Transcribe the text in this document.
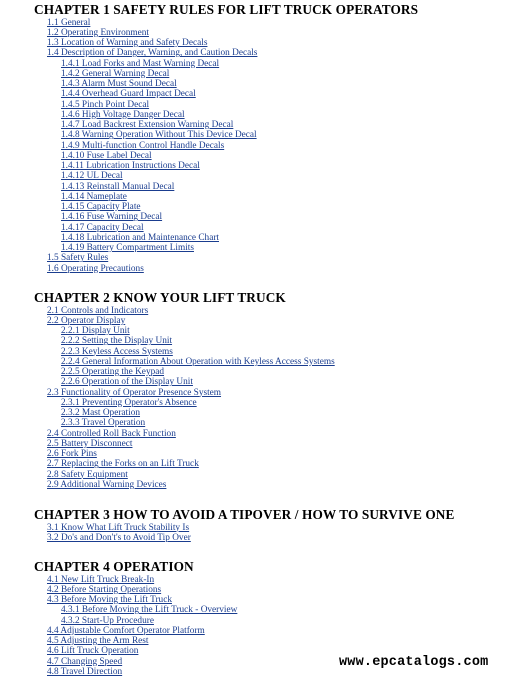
CHAPTER 1 SAFETY RULES FOR LIFT TRUCK OPERATORS
1.1 General
1.2 Operating Environment
1.3 Location of Warning and Safety Decals
1.4 Description of Danger, Warning, and Caution Decals
1.4.1 Load Forks and Mast Warning Decal
1.4.2 General Warning Decal
1.4.3 Alarm Must Sound Decal
1.4.4 Overhead Guard Impact Decal
1.4.5 Pinch Point Decal
1.4.6 High Voltage Danger Decal
1.4.7 Load Backrest Extension Warning Decal
1.4.8 Warning Operation Without This Device Decal
1.4.9 Multi-function Control Handle Decals
1.4.10 Fuse Label Decal
1.4.11 Lubrication Instructions Decal
1.4.12 UL Decal
1.4.13 Reinstall Manual Decal
1.4.14 Nameplate
1.4.15 Capacity Plate
1.4.16 Fuse Warning Decal
1.4.17 Capacity Decal
1.4.18 Lubrication and Maintenance Chart
1.4.19 Battery Compartment Limits
1.5 Safety Rules
1.6 Operating Precautions
CHAPTER 2 KNOW YOUR LIFT TRUCK
2.1 Controls and Indicators
2.2 Operator Display
2.2.1 Display Unit
2.2.2 Setting the Display Unit
2.2.3 Keyless Access Systems
2.2.4 General Information About Operation with Keyless Access Systems
2.2.5 Operating the Keypad
2.2.6 Operation of the Display Unit
2.3 Functionality of Operator Presence System
2.3.1 Preventing Operator's Absence
2.3.2 Mast Operation
2.3.3 Travel Operation
2.4 Controlled Roll Back Function
2.5 Battery Disconnect
2.6 Fork Pins
2.7 Replacing the Forks on an Lift Truck
2.8 Safety Equipment
2.9 Additional Warning Devices
CHAPTER 3 HOW TO AVOID A TIPOVER / HOW TO SURVIVE ONE
3.1 Know What Lift Truck Stability Is
3.2 Do's and Don't's to Avoid Tip Over
CHAPTER 4 OPERATION
4.1 New Lift Truck Break-In
4.2 Before Starting Operations
4.3 Before Moving the Lift Truck
4.3.1 Before Moving the Lift Truck - Overview
4.3.2 Start-Up Procedure
4.4 Adjustable Comfort Operator Platform
4.5 Adjusting the Arm Rest
4.6 Lift Truck Operation
4.7 Changing Speed
4.8 Travel Direction
www.epcatalogs.com
